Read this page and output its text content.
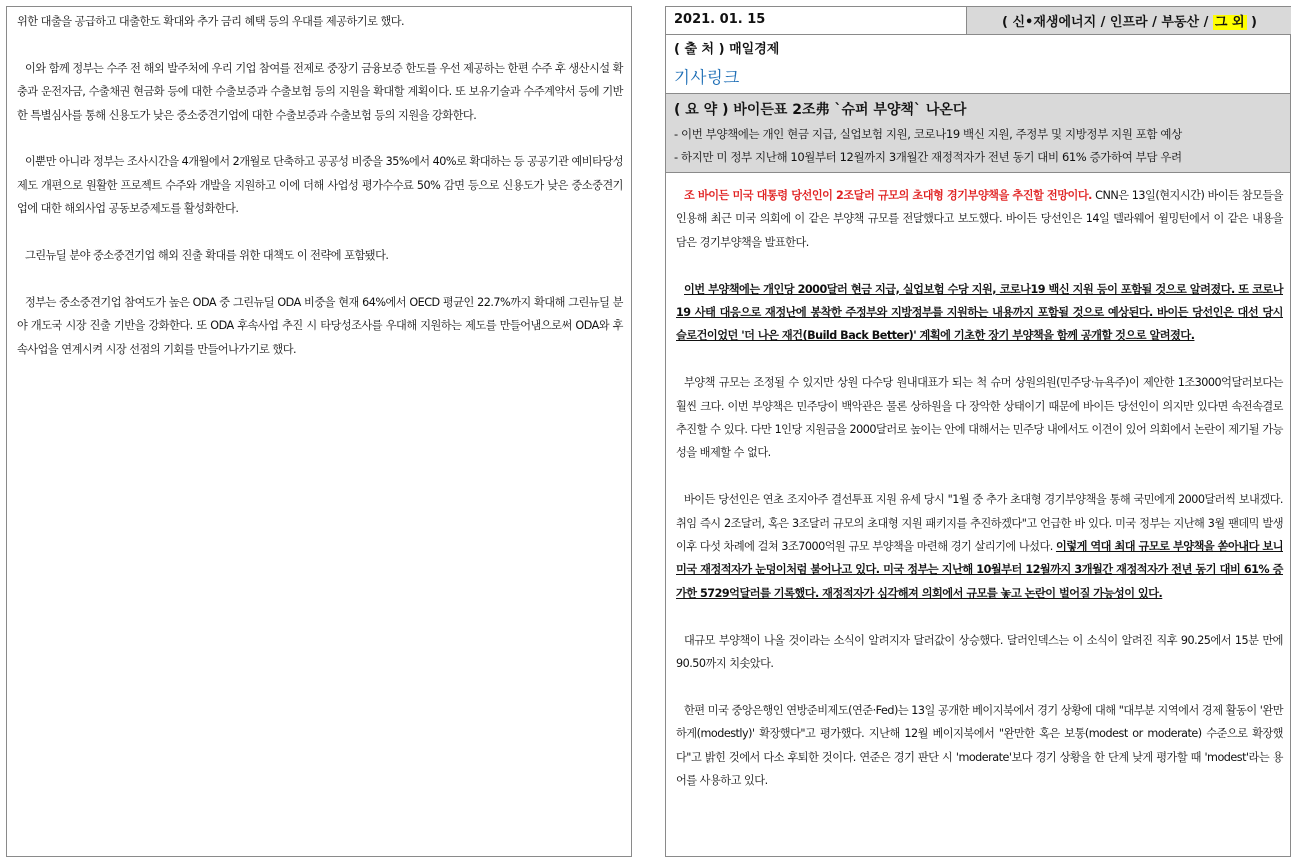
위한 대출을 공급하고 대출한도 확대와 추가 금리 혜택 등의 우대를 제공하기로 했다.

이와 함께 정부는 수주 전 해외 발주처에 우리 기업 참여를 전제로 중장기 금융보증 한도를 우선 제공하는 한편 수주 후 생산시설 확충과 운전자금, 수출채권 현금화 등에 대한 수출보증과 수출보험 등의 지원을 확대할 계획이다. 또 보유기술과 수주계약서 등에 기반한 특별심사를 통해 신용도가 낮은 중소중견기업에 대한 수출보증과 수출보험 등의 지원을 강화한다.

이뿐만 아니라 정부는 조사시간을 4개월에서 2개월로 단축하고 공공성 비중을 35%에서 40%로 확대하는 등 공공기관 예비타당성 제도 개편으로 원활한 프로젝트 수주와 개발을 지원하고 이에 더해 사업성 평가수수료 50% 감면 등으로 신용도가 낮은 중소중견기업에 대한 해외사업 공동보증제도를 활성화한다.

그린뉴딜 분야 중소중견기업 해외 진출 확대를 위한 대책도 이 전략에 포함됐다.

정부는 중소중견기업 참여도가 높은 ODA 중 그린뉴딜 ODA 비중을 현재 64%에서 OECD 평균인 22.7%까지 확대해 그린뉴딜 분야 개도국 시장 진출 기반을 강화한다. 또 ODA 후속사업 추진 시 타당성조사를 우대해 지원하는 제도를 만들어냄으로써 ODA와 후속사업을 연계시켜 시장 선점의 기회를 만들어나가기로 했다.

2021. 01. 15	( 신•재생에너지 / 인프라 / 부동산 / 그 외 )
( 출 처 ) 매일경제
기사링크
( 요 약 ) 바이든표 2조弗 `슈퍼 부양책` 나온다
- 이번 부양책에는 개인 현금 지급, 실업보험 지원, 코로나19 백신 지원, 주정부 및 지방정부 지원 포함 예상
- 하지만 미 정부 지난해 10월부터 12월까지 3개월간 재정적자가 전년 동기 대비 61% 증가하여 부담 우려

조 바이든 미국 대통령 당선인이 2조달러 규모의 초대형 경기부양책을 추진할 전망이다. CNN은 13일(현지시간) 바이든 참모들을 인용해 최근 미국 의회에 이 같은 부양책 규모를 전달했다고 보도했다. 바이든 당선인은 14일 델라웨어 윌밍턴에서 이 같은 내용을 담은 경기부양책을 발표한다.

이번 부양책에는 개인당 2000달러 현금 지급, 실업보험 수당 지원, 코로나19 백신 지원 등이 포함될 것으로 알려졌다. 또 코로나19 사태 대응으로 재정난에 봉착한 주정부와 지방정부를 지원하는 내용까지 포함될 것으로 예상된다. 바이든 당선인은 대선 당시 슬로건이었던 '더 나은 재건(Build Back Better)' 계획에 기초한 장기 부양책을 함께 공개할 것으로 알려졌다.

부양책 규모는 조정될 수 있지만 상원 다수당 원내대표가 되는 척 슈머 상원의원(민주당·뉴욕주)이 제안한 1조3000억달러보다는 훨씬 크다. 이번 부양책은 민주당이 백악관은 물론 상하원을 다 장악한 상태이기 때문에 바이든 당선인이 의지만 있다면 속전속결로 추진할 수 있다. 다만 1인당 지원금을 2000달러로 높이는 안에 대해서는 민주당 내에서도 이견이 있어 의회에서 논란이 제기될 가능성을 배제할 수 없다.

바이든 당선인은 연초 조지아주 결선투표 지원 유세 당시 "1월 중 추가 초대형 경기부양책을 통해 국민에게 2000달러씩 보내겠다. 취임 즉시 2조달러, 혹은 3조달러 규모의 초대형 지원 패키지를 추진하겠다"고 언급한 바 있다. 미국 정부는 지난해 3월 팬데믹 발생 이후 다섯 차례에 걸쳐 3조7000억원 규모 부양책을 마련해 경기 살리기에 나섰다. 이렇게 역대 최대 규모로 부양책을 쏟아내다 보니 미국 재정적자가 눈덩이처럼 불어나고 있다. 미국 정부는 지난해 10월부터 12월까지 3개월간 재정적자가 전년 동기 대비 61% 증가한 5729억달러를 기록했다. 재정적자가 심각해져 의회에서 규모를 놓고 논란이 벌어질 가능성이 있다.

대규모 부양책이 나올 것이라는 소식이 알려지자 달러값이 상승했다. 달러인덱스는 이 소식이 알려진 직후 90.25에서 15분 만에 90.50까지 치솟았다.

한편 미국 중앙은행인 연방준비제도(연준·Fed)는 13일 공개한 베이지북에서 경기 상황에 대해 "대부분 지역에서 경제 활동이 '완만하게(modestly)' 확장했다"고 평가했다. 지난해 12월 베이지북에서 "완만한 혹은 보통(modest or moderate) 수준으로 확장했다"고 밝힌 것에서 다소 후퇴한 것이다. 연준은 경기 판단 시 'moderate'보다 경기 상황을 한 단계 낮게 평가할 때 'modest'라는 용어를 사용하고 있다.
